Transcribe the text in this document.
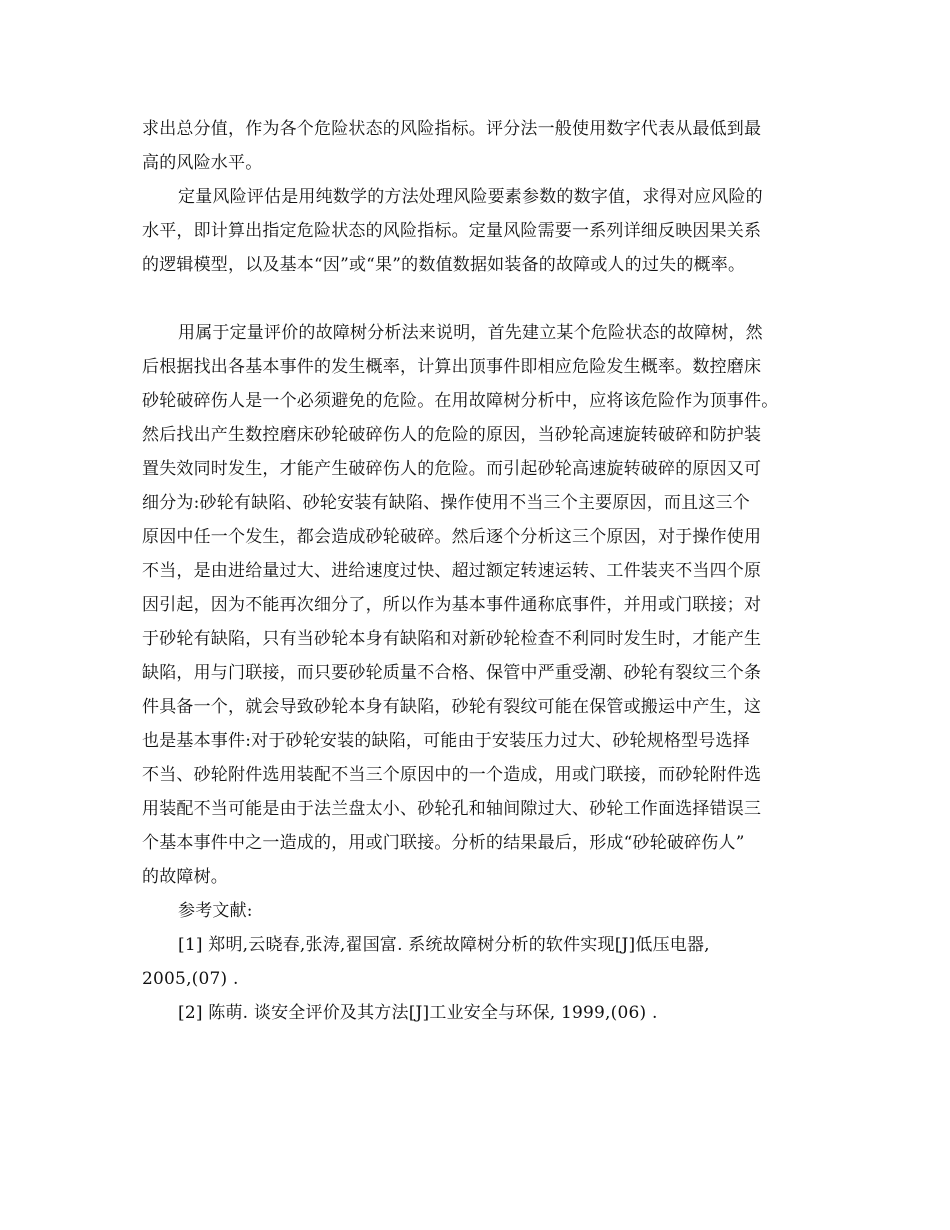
求出总分值，作为各个危险状态的风险指标。评分法一般使用数字代表从最低到最

高的风险水平。

定量风险评估是用纯数学的方法处理风险要素参数的数字值，求得对应风险的

水平，即计算出指定危险状态的风险指标。定量风险需要一系列详细反映因果关系

的逻辑模型，以及基本“因”或“果”的数值数据如装备的故障或人的过失的概率。

用属于定量评价的故障树分析法来说明，首先建立某个危险状态的故障树，然

后根据找出各基本事件的发生概率，计算出顶事件即相应危险发生概率。数控磨床

砂轮破碎伤人是一个必须避免的危险。在用故障树分析中，应将该危险作为顶事件。

然后找出产生数控磨床砂轮破碎伤人的危险的原因，当砂轮高速旋转破碎和防护装

置失效同时发生，才能产生破碎伤人的危险。而引起砂轮高速旋转破碎的原因又可

细分为:砂轮有缺陷、砂轮安装有缺陷、操作使用不当三个主要原因，而且这三个

原因中任一个发生，都会造成砂轮破碎。然后逐个分析这三个原因，对于操作使用

不当，是由进给量过大、进给速度过快、超过额定转速运转、工件装夹不当四个原

因引起，因为不能再次细分了，所以作为基本事件通称底事件，并用或门联接；对

于砂轮有缺陷，只有当砂轮本身有缺陷和对新砂轮检查不利同时发生时，才能产生

缺陷，用与门联接，而只要砂轮质量不合格、保管中严重受潮、砂轮有裂纹三个条

件具备一个，就会导致砂轮本身有缺陷，砂轮有裂纹可能在保管或搬运中产生，这

也是基本事件:对于砂轮安装的缺陷，可能由于安装压力过大、砂轮规格型号选择

不当、砂轮附件选用装配不当三个原因中的一个造成，用或门联接，而砂轮附件选

用装配不当可能是由于法兰盘太小、砂轮孔和轴间隙过大、砂轮工作面选择错误三

个基本事件中之一造成的，用或门联接。分析的结果最后，形成“砂轮破碎伤人”

的故障树。

参考文献:

[1] 郑明,云晓春,张涛,翟国富. 系统故障树分析的软件实现[J]低压电器,

2005,(07) .

[2] 陈萌. 谈安全评价及其方法[J]工业安全与环保, 1999,(06) .
